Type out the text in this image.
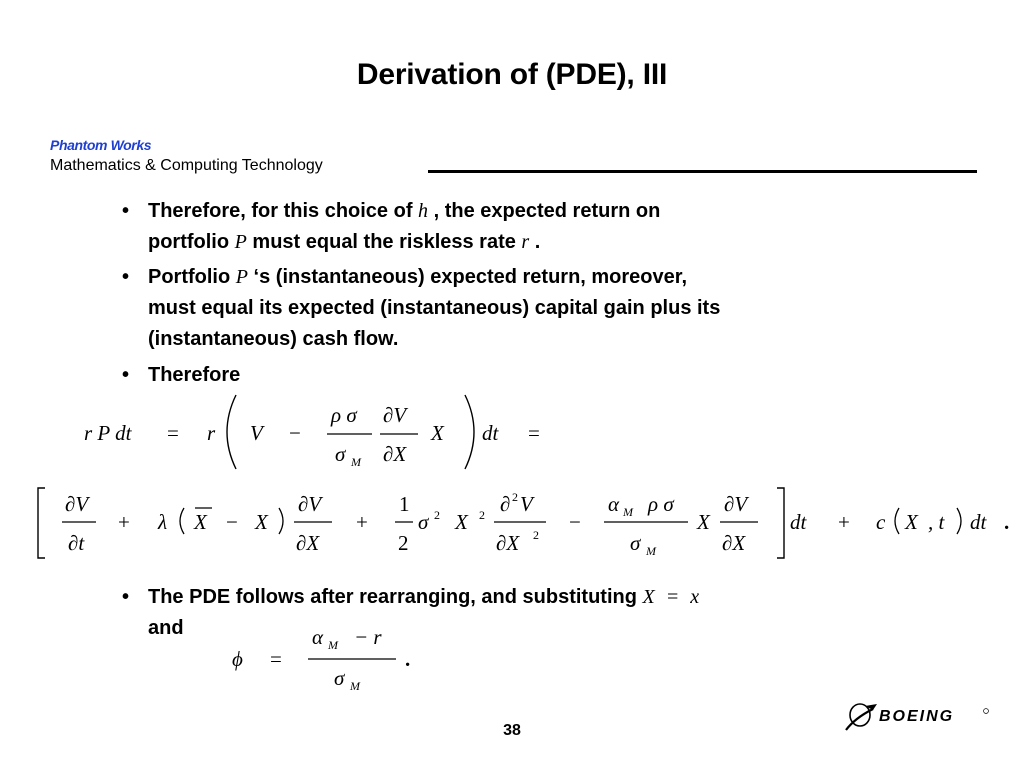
Derivation of (PDE), III
Phantom Works
Mathematics & Computing Technology
• Therefore, for this choice of h , the expected return on
portfolio P must equal the riskless rate r .
• Portfolio P ‘s (instantaneous) expected return, moreover,
must equal its expected (instantaneous) capital gain plus its
(instantaneous) cash flow.
• Therefore
r P dt = r V −
ρ σ
σ M
∂V
∂X
X dt =
∂V
∂t
+ λ X − X
∂V
∂X
+
1
2
σ 2 X 2 ∂ 2 V
∂X 2
−
α M ρ σ
σ M
X
∂V
∂X
dt + c X , t dt .
• The PDE follows after rearranging, and substituting X = x
and
ϕ =
α M − r
σ M
.
38
BOEING
